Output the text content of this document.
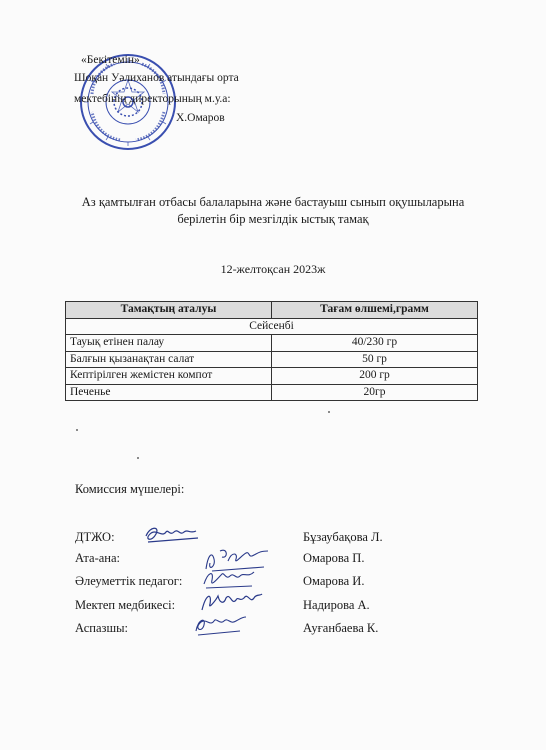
«Бекітемін»
Шоқан Уәлиханов атындағы орта
мектебінің директорының м.у.а:
Х.Омаров
Аз қамтылған отбасы балаларына және бастауыш сынып оқушыларына
берілетін бір мезгілдік ыстық тамақ
12-желтоқсан 2023ж
Тамақтың аталуы	Тағам өлшемі,грамм
Сейсенбі	
Тауық етінен палау	40/230 гр
Балғын қызанақтан салат	50 гр
Кептірілген жемістен компот	200 гр
Печенье	20гр
Комиссия мүшелері:
ДТЖО:	Бұзаубақова Л.
Ата-ана:	Омарова П.
Әлеуметтік педагог:	Омарова И.
Мектеп медбикесі:	Надирова А.
Аспазшы:	Ауғанбаева К.
